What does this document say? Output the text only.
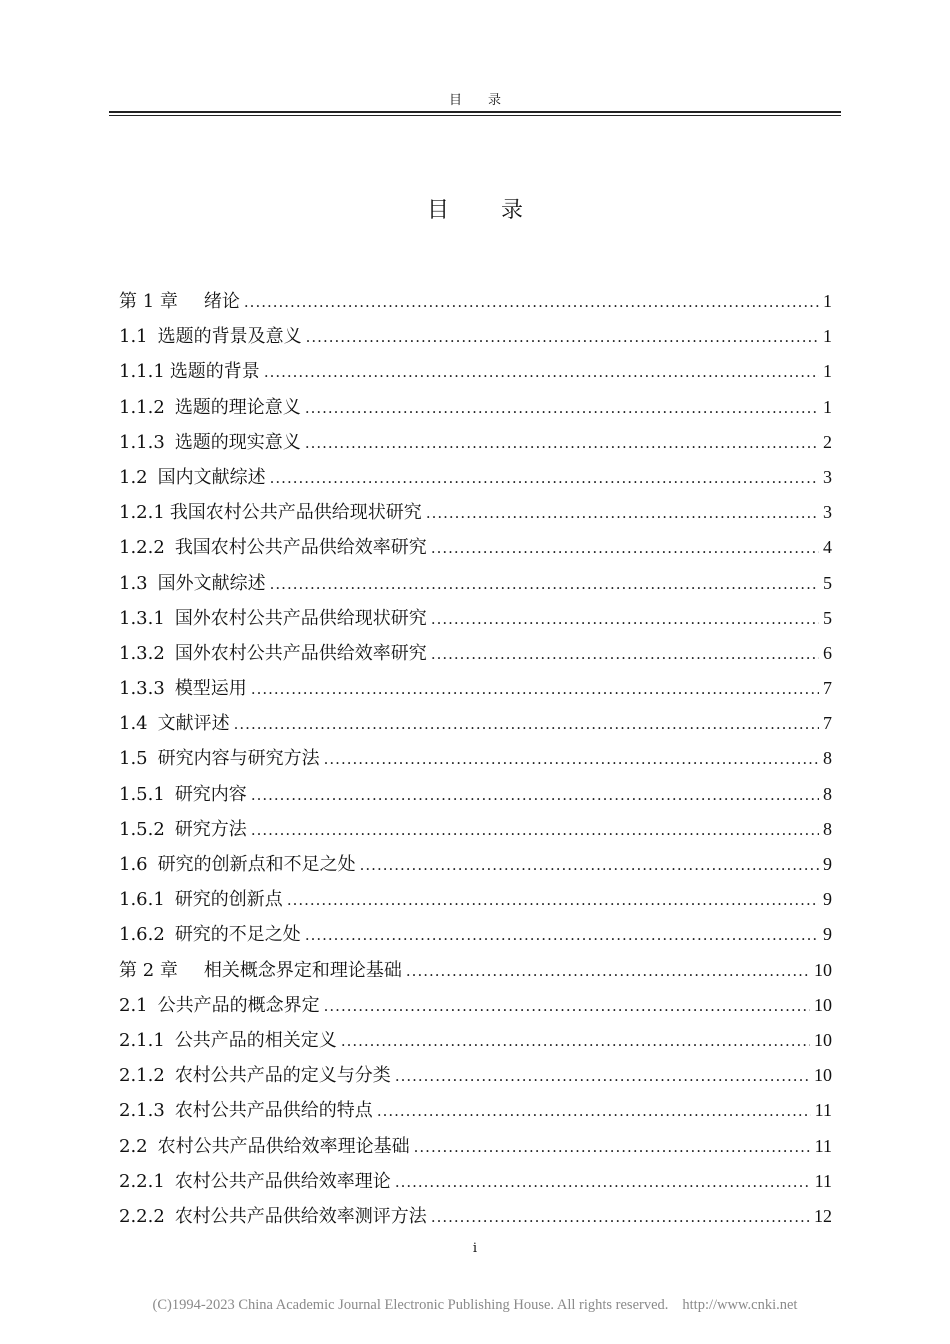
目录
目录
第 1 章 绪论 .....	1
1.1 选题的背景及意义 .....	1
1.1.1 选题的背景 .....	1
1.1.2 选题的理论意义 .....	1
1.1.3 选题的现实意义 .....	2
1.2 国内文献综述 .....	3
1.2.1 我国农村公共产品供给现状研究 .....	3
1.2.2 我国农村公共产品供给效率研究 .....	4
1.3 国外文献综述 .....	5
1.3.1 国外农村公共产品供给现状研究 .....	5
1.3.2 国外农村公共产品供给效率研究 .....	6
1.3.3 模型运用 .....	7
1.4 文献评述 .....	7
1.5 研究内容与研究方法 .....	8
1.5.1 研究内容 .....	8
1.5.2 研究方法 .....	8
1.6 研究的创新点和不足之处 .....	9
1.6.1 研究的创新点 .....	9
1.6.2 研究的不足之处 .....	9
第 2 章 相关概念界定和理论基础 .....	10
2.1 公共产品的概念界定 .....	10
2.1.1 公共产品的相关定义 .....	10
2.1.2 农村公共产品的定义与分类 .....	10
2.1.3 农村公共产品供给的特点 .....	11
2.2 农村公共产品供给效率理论基础 .....	11
2.2.1 农村公共产品供给效率理论 .....	11
2.2.2 农村公共产品供给效率测评方法 .....	12
i
(C)1994-2023 China Academic Journal Electronic Publishing House. All rights reserved. http://www.cnki.net
